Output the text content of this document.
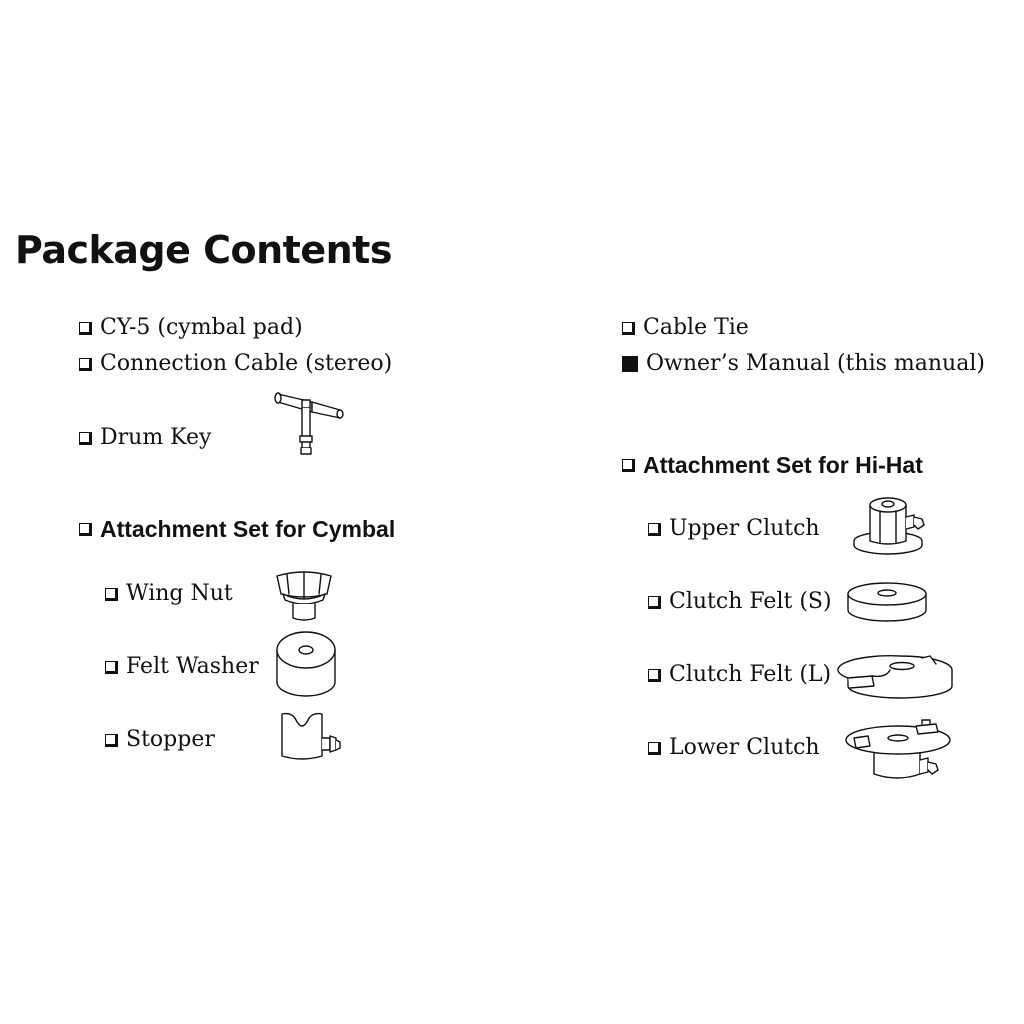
Package Contents
CY-5 (cymbal pad)
Connection Cable (stereo)
Drum Key
Attachment Set for Cymbal
Wing Nut
Felt Washer
Stopper
Cable Tie
Owner’s Manual (this manual)
Attachment Set for Hi-Hat
Upper Clutch
Clutch Felt (S)
Clutch Felt (L)
Lower Clutch
